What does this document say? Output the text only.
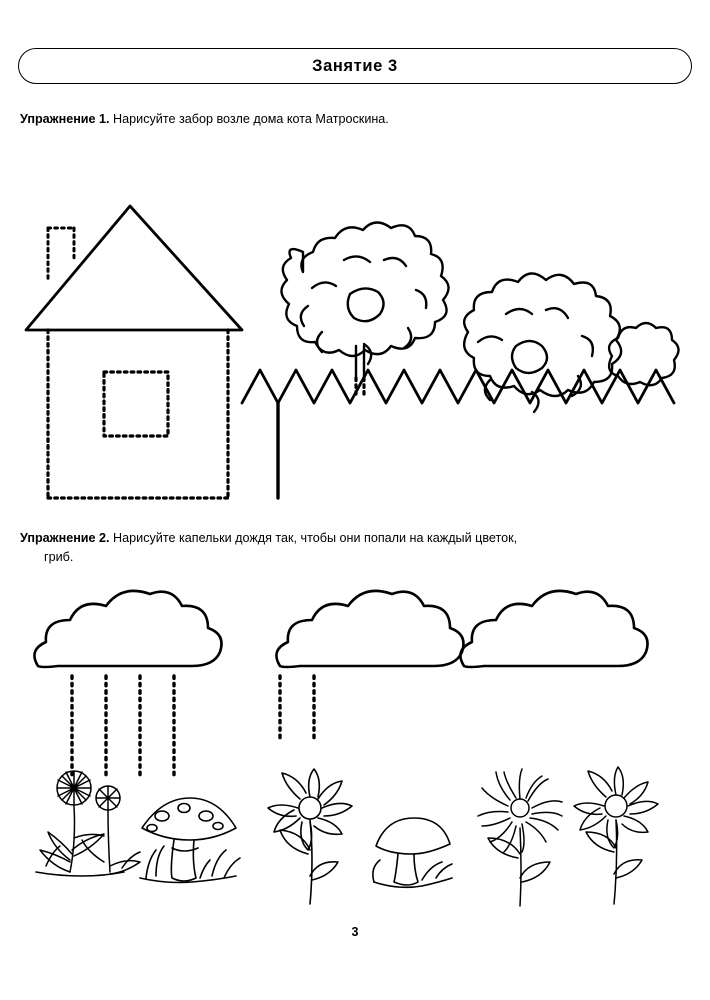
Занятие 3
Упражнение 1. Нарисуйте забор возле дома кота Матроскина.
Упражнение 2. Нарисуйте капельки дождя так, чтобы они попали на каждый цветок,
гриб.
3
